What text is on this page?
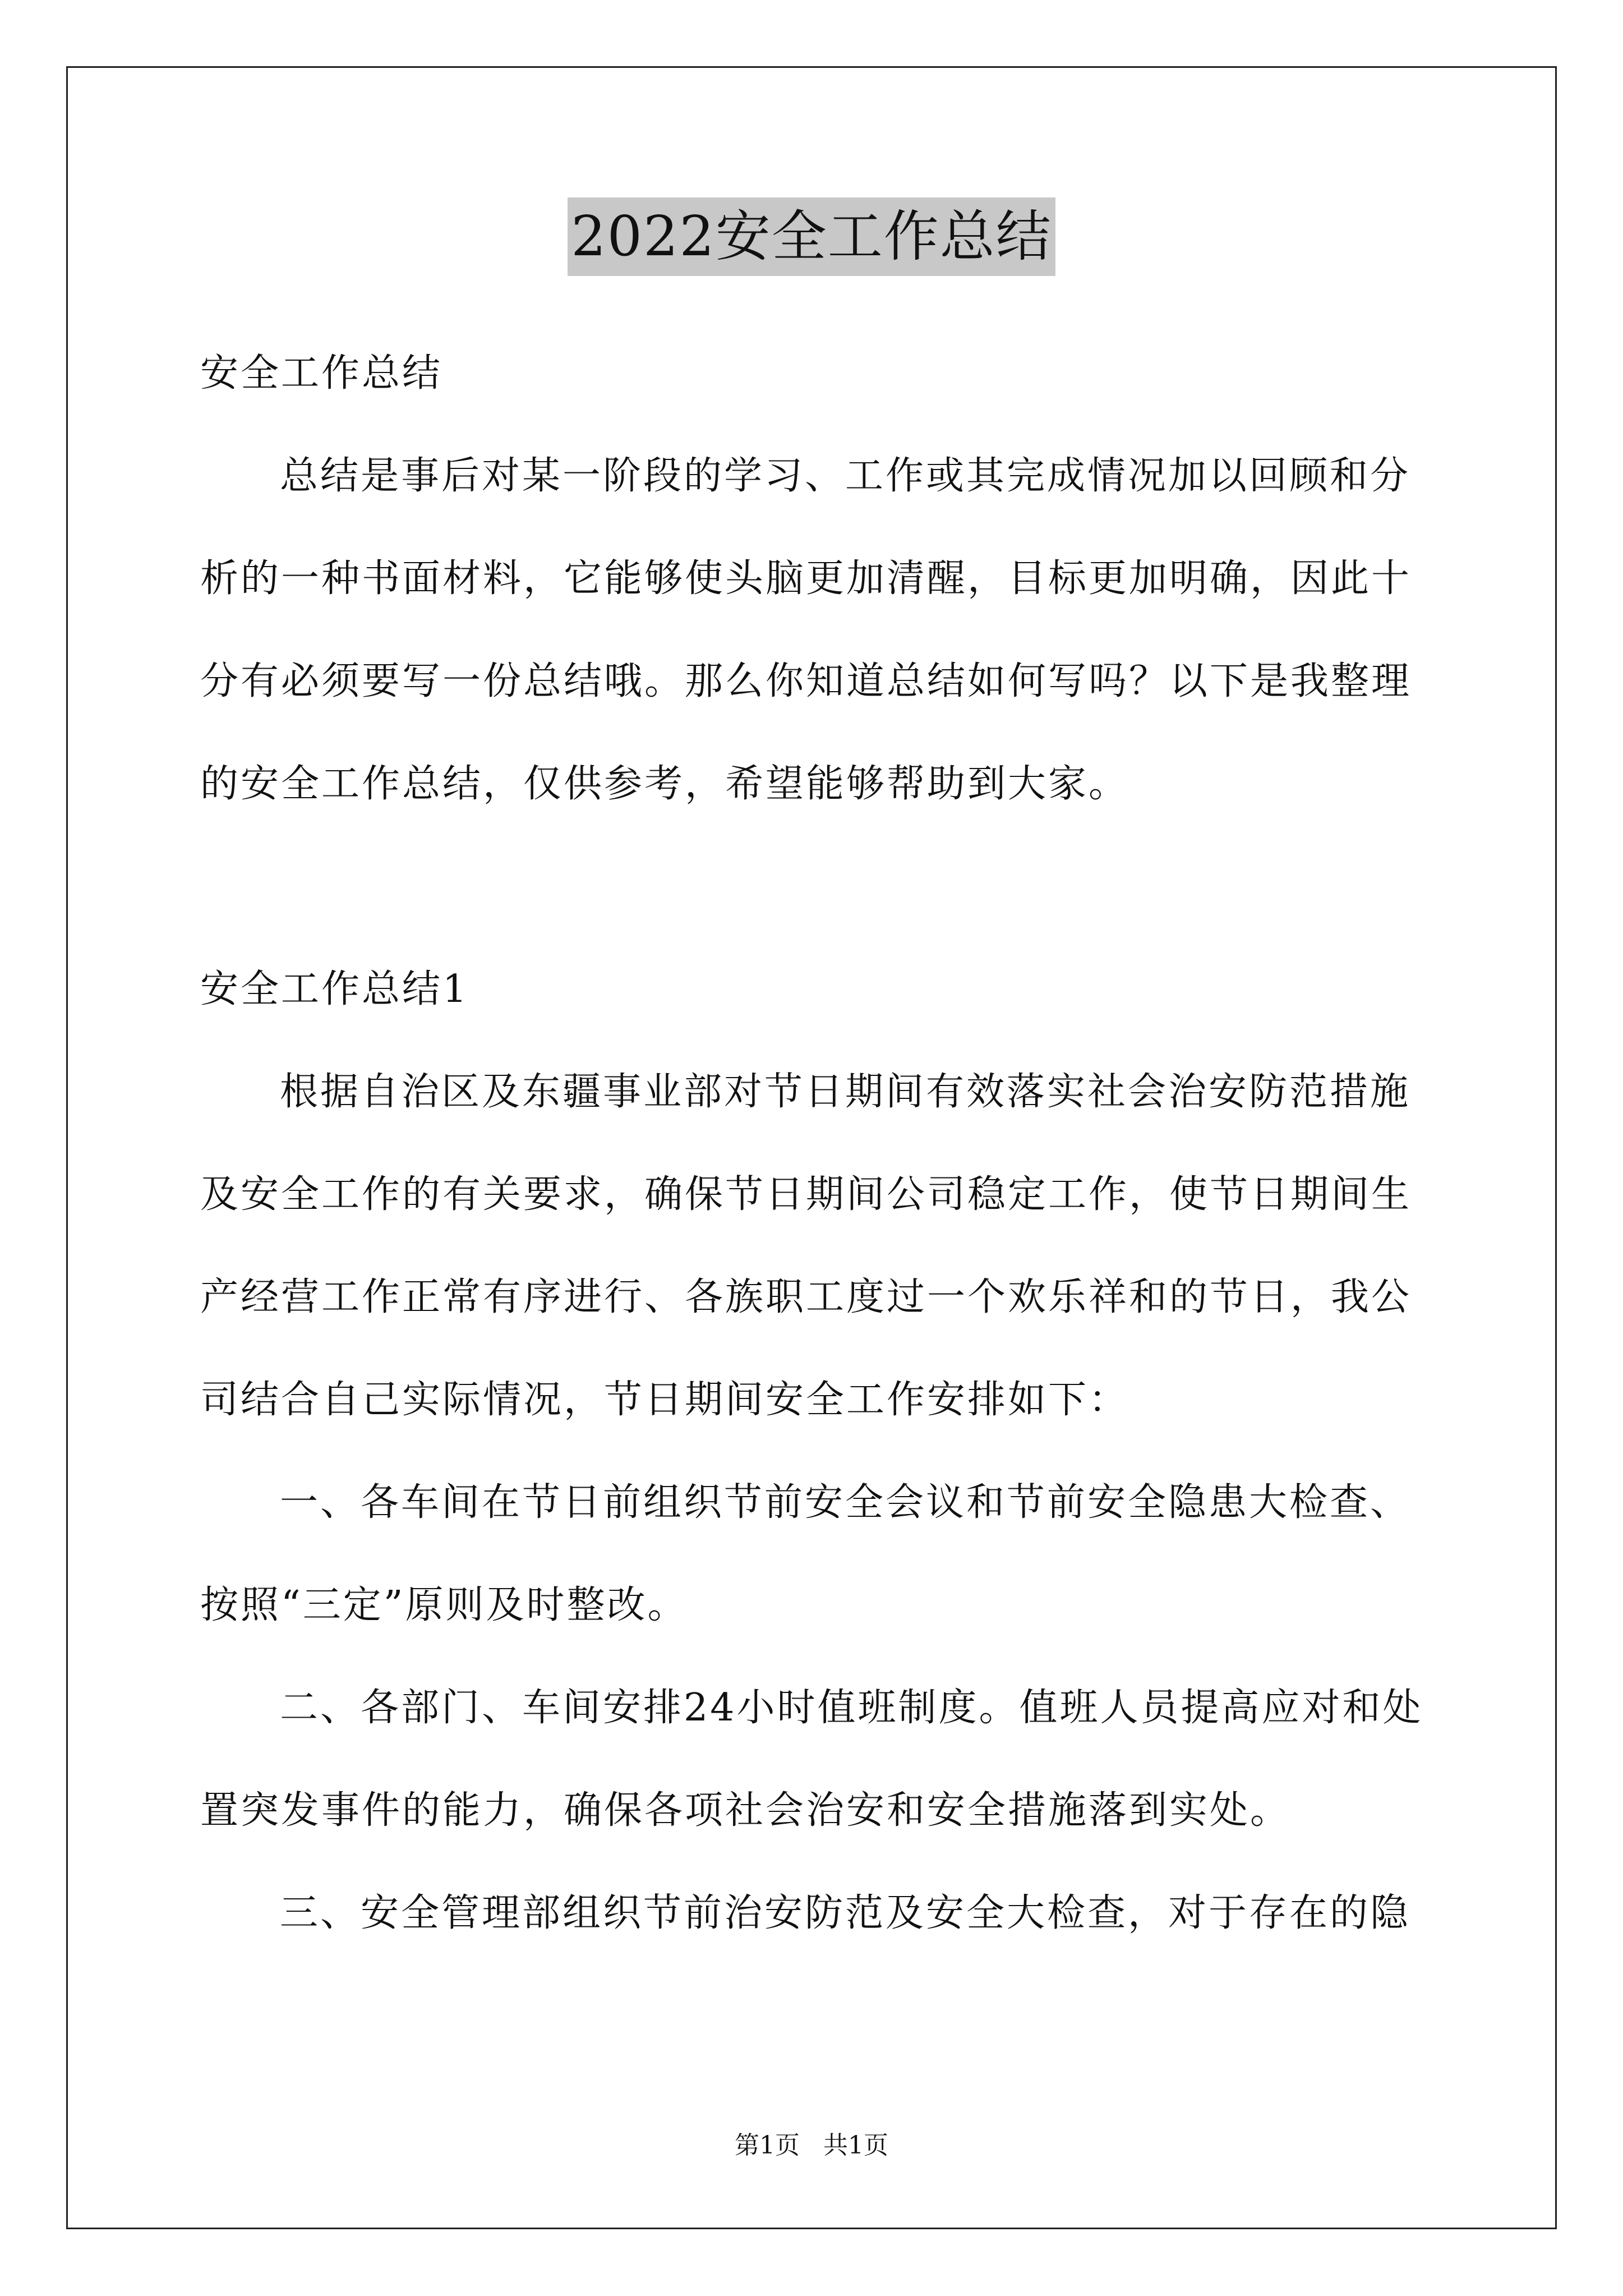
2022安全工作总结
安全工作总结
总结是事后对某一阶段的学习、工作或其完成情况加以回顾和分
析的一种书面材料，它能够使头脑更加清醒，目标更加明确，因此十
分有必须要写一份总结哦。那么你知道总结如何写吗？以下是我整理
的安全工作总结，仅供参考，希望能够帮助到大家。
安全工作总结1
根据自治区及东疆事业部对节日期间有效落实社会治安防范措施
及安全工作的有关要求，确保节日期间公司稳定工作，使节日期间生
产经营工作正常有序进行、各族职工度过一个欢乐祥和的节日，我公
司结合自己实际情况，节日期间安全工作安排如下：
一、各车间在节日前组织节前安全会议和节前安全隐患大检查、
按照“三定”原则及时整改。
二、各部门、车间安排24小时值班制度。值班人员提高应对和处
置突发事件的能力，确保各项社会治安和安全措施落到实处。
三、安全管理部组织节前治安防范及安全大检查，对于存在的隐
第1页 共1页
